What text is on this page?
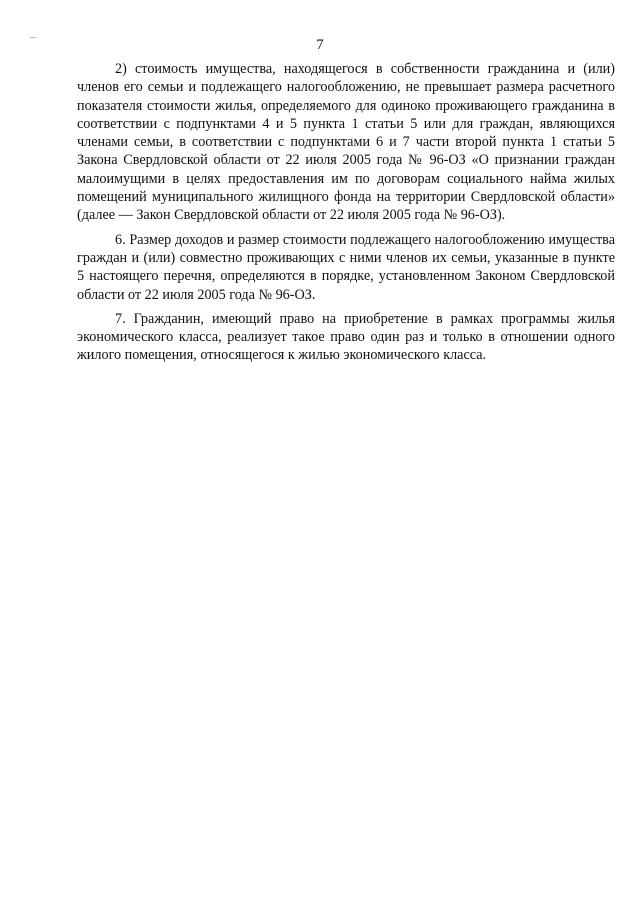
7

2) стоимость имущества, находящегося в собственности гражданина и (или) членов его семьи и подлежащего налогообложению, не превышает размера расчетного показателя стоимости жилья, определяемого для одиноко проживающего гражданина в соответствии с подпунктами 4 и 5 пункта 1 статьи 5 или для граждан, являющихся членами семьи, в соответствии с подпунктами 6 и 7 части второй пункта 1 статьи 5 Закона Свердловской области от 22 июля 2005 года № 96-ОЗ «О признании граждан малоимущими в целях предоставления им по договорам социального найма жилых помещений муниципального жилищного фонда на территории Свердловской области» (далее — Закон Свердловской области от 22 июля 2005 года № 96-ОЗ).

6. Размер доходов и размер стоимости подлежащего налогообложению имущества граждан и (или) совместно проживающих с ними членов их семьи, указанные в пункте 5 настоящего перечня, определяются в порядке, установленном Законом Свердловской области от 22 июля 2005 года № 96-ОЗ.

7. Гражданин, имеющий право на приобретение в рамках программы жилья экономического класса, реализует такое право один раз и только в отношении одного жилого помещения, относящегося к жилью экономического класса.
